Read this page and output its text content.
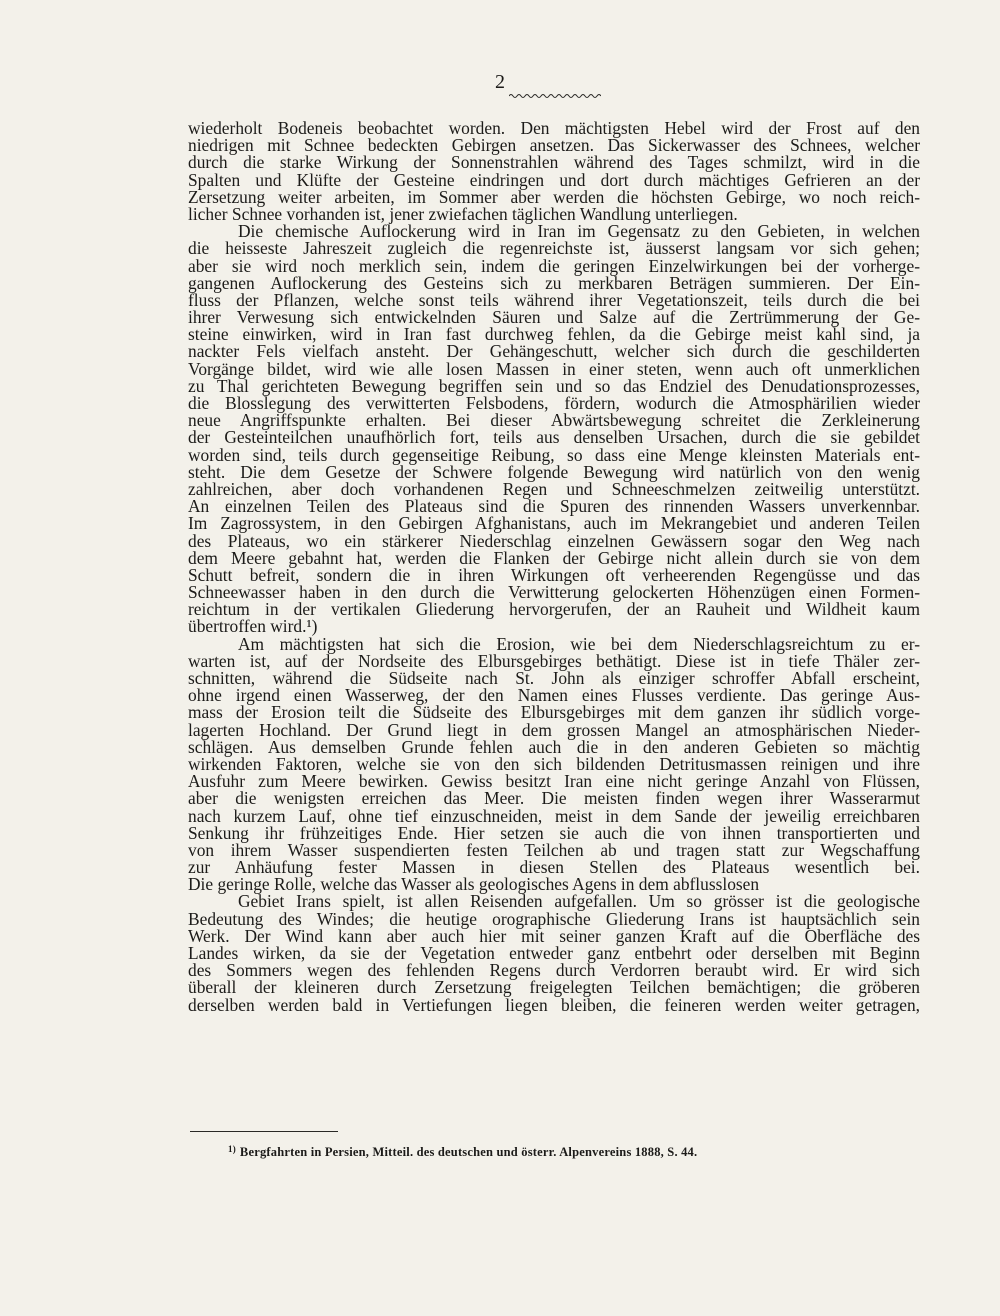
2
wiederholt Bodeneis beobachtet worden. Den mächtigsten Hebel wird der Frost auf den
niedrigen mit Schnee bedeckten Gebirgen ansetzen. Das Sickerwasser des Schnees, welcher
durch die starke Wirkung der Sonnenstrahlen während des Tages schmilzt, wird in die
Spalten und Klüfte der Gesteine eindringen und dort durch mächtiges Gefrieren an der
Zersetzung weiter arbeiten, im Sommer aber werden die höchsten Gebirge, wo noch reich-
licher Schnee vorhanden ist, jener zwiefachen täglichen Wandlung unterliegen.
Die chemische Auflockerung wird in Iran im Gegensatz zu den Gebieten, in welchen
die heisseste Jahreszeit zugleich die regenreichste ist, äusserst langsam vor sich gehen;
aber sie wird noch merklich sein, indem die geringen Einzelwirkungen bei der vorherge-
gangenen Auflockerung des Gesteins sich zu merkbaren Beträgen summieren. Der Ein-
fluss der Pflanzen, welche sonst teils während ihrer Vegetationszeit, teils durch die bei
ihrer Verwesung sich entwickelnden Säuren und Salze auf die Zertrümmerung der Ge-
steine einwirken, wird in Iran fast durchweg fehlen, da die Gebirge meist kahl sind, ja
nackter Fels vielfach ansteht. Der Gehängeschutt, welcher sich durch die geschilderten
Vorgänge bildet, wird wie alle losen Massen in einer steten, wenn auch oft unmerklichen
zu Thal gerichteten Bewegung begriffen sein und so das Endziel des Denudationsprozesses,
die Blosslegung des verwitterten Felsbodens, fördern, wodurch die Atmosphärilien wieder
neue Angriffspunkte erhalten. Bei dieser Abwärtsbewegung schreitet die Zerkleinerung
der Gesteinteilchen unaufhörlich fort, teils aus denselben Ursachen, durch die sie gebildet
worden sind, teils durch gegenseitige Reibung, so dass eine Menge kleinsten Materials ent-
steht. Die dem Gesetze der Schwere folgende Bewegung wird natürlich von den wenig
zahlreichen, aber doch vorhandenen Regen und Schneeschmelzen zeitweilig unterstützt.
An einzelnen Teilen des Plateaus sind die Spuren des rinnenden Wassers unverkennbar.
Im Zagrossystem, in den Gebirgen Afghanistans, auch im Mekrangebiet und anderen Teilen
des Plateaus, wo ein stärkerer Niederschlag einzelnen Gewässern sogar den Weg nach
dem Meere gebahnt hat, werden die Flanken der Gebirge nicht allein durch sie von dem
Schutt befreit, sondern die in ihren Wirkungen oft verheerenden Regengüsse und das
Schneewasser haben in den durch die Verwitterung gelockerten Höhenzügen einen Formen-
reichtum in der vertikalen Gliederung hervorgerufen, der an Rauheit und Wildheit kaum
übertroffen wird.¹)
Am mächtigsten hat sich die Erosion, wie bei dem Niederschlagsreichtum zu er-
warten ist, auf der Nordseite des Elbursgebirges bethätigt. Diese ist in tiefe Thäler zer-
schnitten, während die Südseite nach St. John als einziger schroffer Abfall erscheint,
ohne irgend einen Wasserweg, der den Namen eines Flusses verdiente. Das geringe Aus-
mass der Erosion teilt die Südseite des Elbursgebirges mit dem ganzen ihr südlich vorge-
lagerten Hochland. Der Grund liegt in dem grossen Mangel an atmosphärischen Nieder-
schlägen. Aus demselben Grunde fehlen auch die in den anderen Gebieten so mächtig
wirkenden Faktoren, welche sie von den sich bildenden Detritusmassen reinigen und ihre
Ausfuhr zum Meere bewirken. Gewiss besitzt Iran eine nicht geringe Anzahl von Flüssen,
aber die wenigsten erreichen das Meer. Die meisten finden wegen ihrer Wasserarmut
nach kurzem Lauf, ohne tief einzuschneiden, meist in dem Sande der jeweilig erreichbaren
Senkung ihr frühzeitiges Ende. Hier setzen sie auch die von ihnen transportierten und
von ihrem Wasser suspendierten festen Teilchen ab und tragen statt zur Wegschaffung
zur Anhäufung fester Massen in diesen Stellen des Plateaus wesentlich bei.
Die geringe Rolle, welche das Wasser als geologisches Agens in dem abflusslosen
Gebiet Irans spielt, ist allen Reisenden aufgefallen. Um so grösser ist die geologische
Bedeutung des Windes; die heutige orographische Gliederung Irans ist hauptsächlich sein
Werk. Der Wind kann aber auch hier mit seiner ganzen Kraft auf die Oberfläche des
Landes wirken, da sie der Vegetation entweder ganz entbehrt oder derselben mit Beginn
des Sommers wegen des fehlenden Regens durch Verdorren beraubt wird. Er wird sich
überall der kleineren durch Zersetzung freigelegten Teilchen bemächtigen; die gröberen
derselben werden bald in Vertiefungen liegen bleiben, die feineren werden weiter getragen,
$^{1)}$ Bergfahrten in Persien, Mitteil. des deutschen und österr. Alpenvereins 1888, S. 44.
